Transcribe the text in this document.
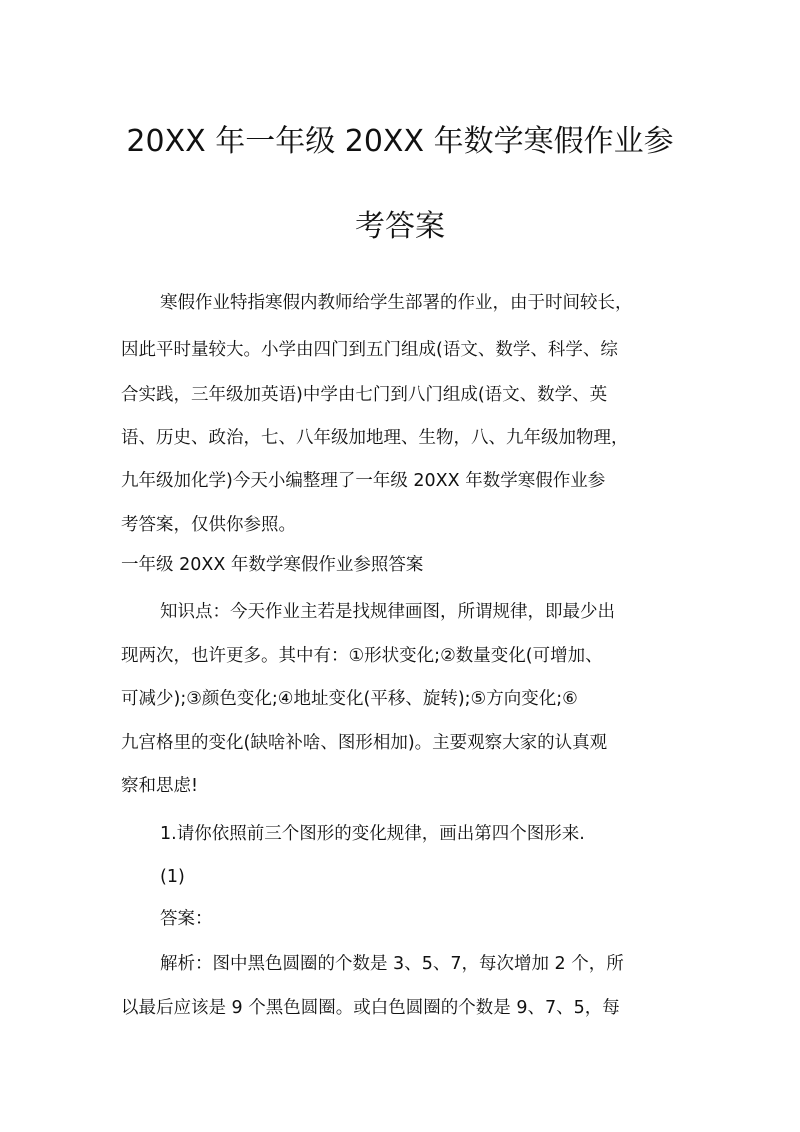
20XX 年一年级 20XX 年数学寒假作业参
考答案
寒假作业特指寒假内教师给学生部署的作业，由于时间较长，
因此平时量较大。小学由四门到五门组成(语文、数学、科学、综
合实践，三年级加英语)中学由七门到八门组成(语文、数学、英
语、历史、政治，七、八年级加地理、生物，八、九年级加物理，
九年级加化学)今天小编整理了一年级 20XX 年数学寒假作业参
考答案，仅供你参照。
一年级 20XX 年数学寒假作业参照答案
知识点：今天作业主若是找规律画图，所谓规律，即最少出
现两次，也许更多。其中有：①形状变化;②数量变化(可增加、
可减少);③颜色变化;④地址变化(平移、旋转);⑤方向变化;⑥
九宫格里的变化(缺啥补啥、图形相加)。主要观察大家的认真观
察和思虑!
1.请你依照前三个图形的变化规律，画出第四个图形来.
(1)
答案：
解析：图中黑色圆圈的个数是 3、5、7，每次增加 2 个，所
以最后应该是 9 个黑色圆圈。或白色圆圈的个数是 9、7、5，每
